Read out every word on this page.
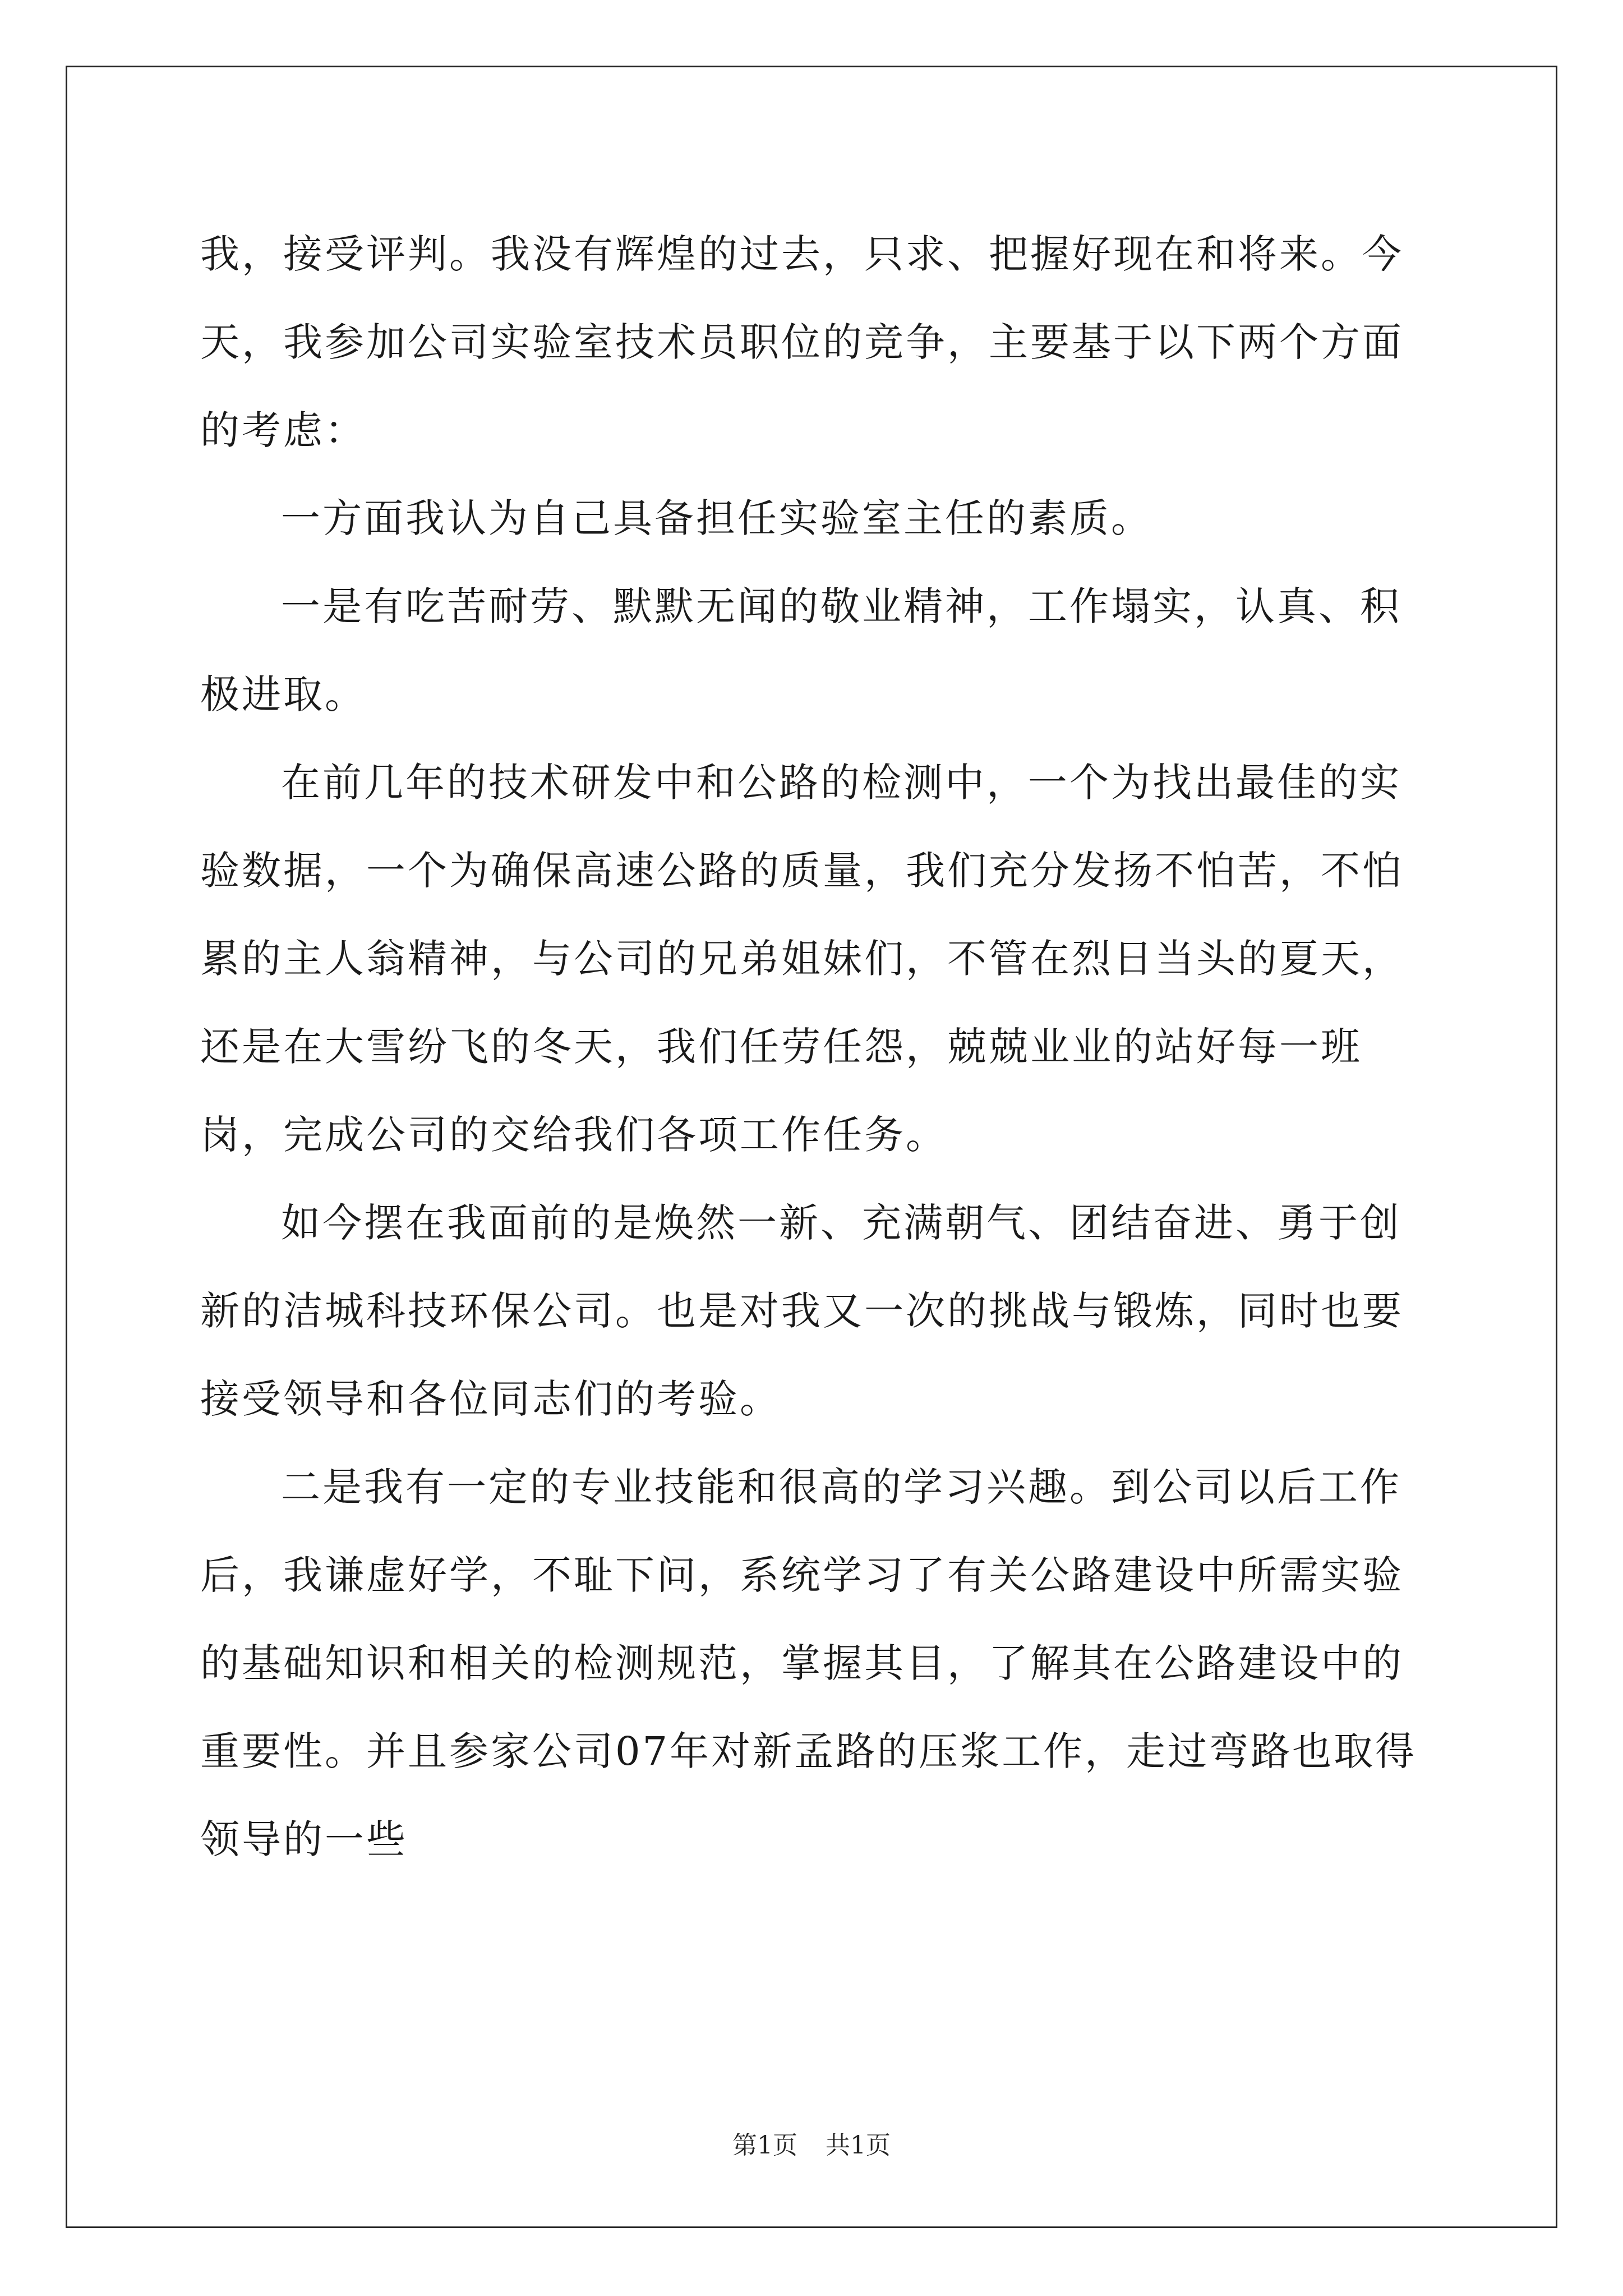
我，接受评判。我没有辉煌的过去，只求、把握好现在和将来。今天，我参加公司实验室技术员职位的竞争，主要基于以下两个方面的考虑：

一方面我认为自己具备担任实验室主任的素质。

一是有吃苦耐劳、默默无闻的敬业精神，工作塌实，认真、积极进取。

在前几年的技术研发中和公路的检测中，一个为找出最佳的实验数据，一个为确保高速公路的质量，我们充分发扬不怕苦，不怕累的主人翁精神，与公司的兄弟姐妹们，不管在烈日当头的夏天，还是在大雪纷飞的冬天，我们任劳任怨，兢兢业业的站好每一班岗，完成公司的交给我们各项工作任务。

如今摆在我面前的是焕然一新、充满朝气、团结奋进、勇于创新的洁城科技环保公司。也是对我又一次的挑战与锻炼，同时也要接受领导和各位同志们的考验。

二是我有一定的专业技能和很高的学习兴趣。到公司以后工作后，我谦虚好学，不耻下问，系统学习了有关公路建设中所需实验的基础知识和相关的检测规范，掌握其目，了解其在公路建设中的重要性。并且参家公司07年对新孟路的压浆工作，走过弯路也取得领导的一些

第1页 共1页
